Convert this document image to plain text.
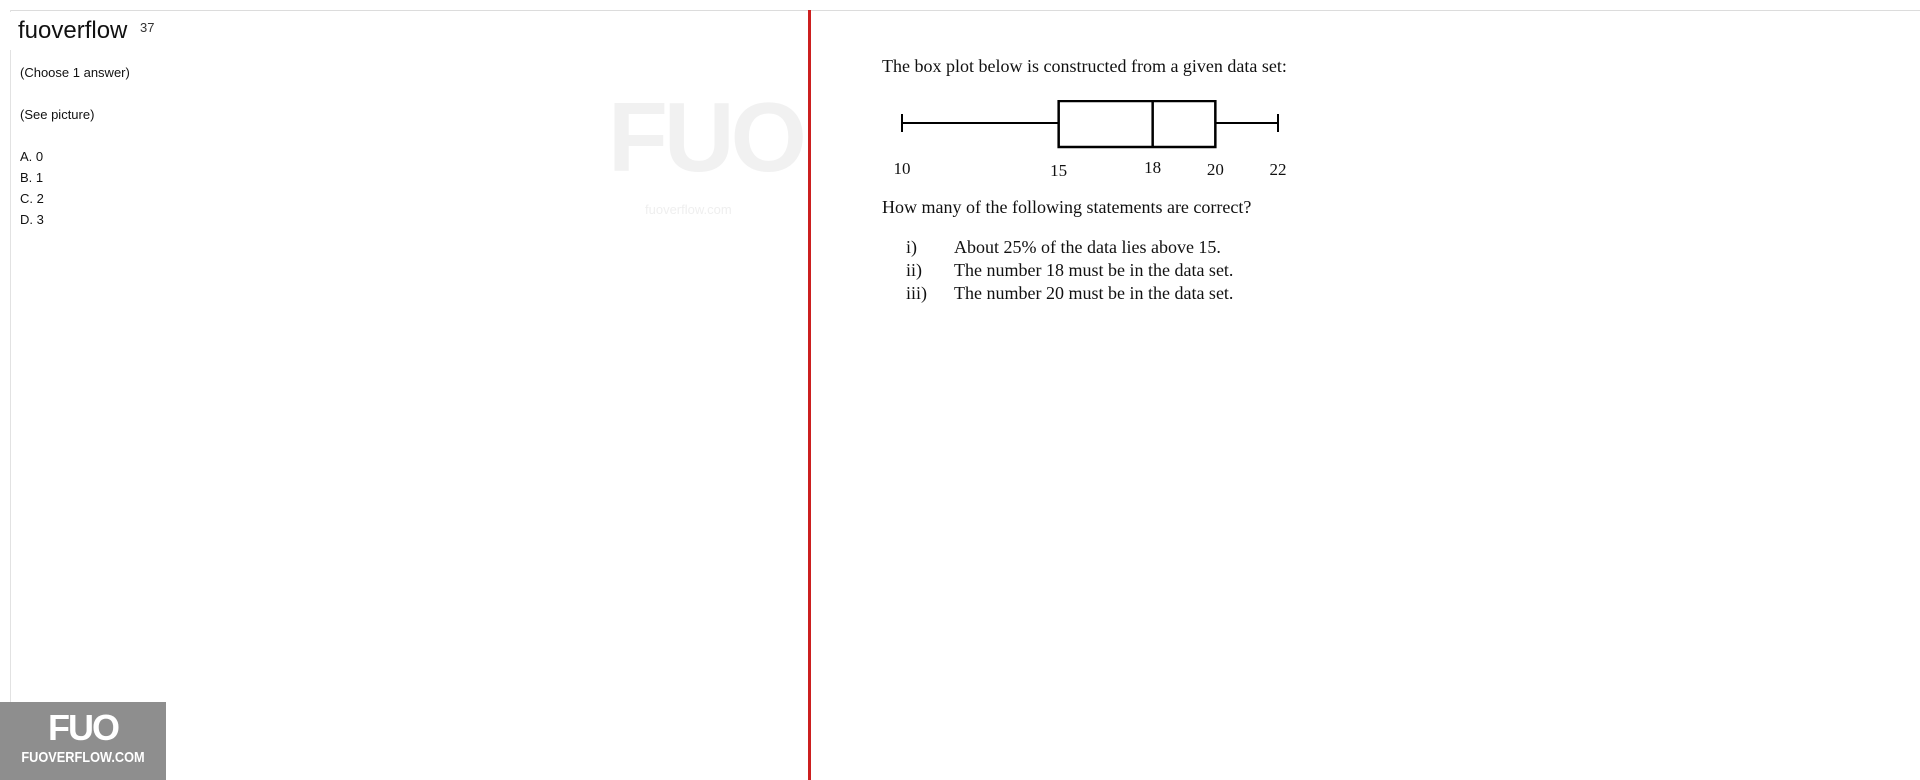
fuoverflow 37

(Choose 1 answer)

(See picture)

A. 0
B. 1
C. 2
D. 3
FUO
fuoverflow.com
The box plot below is constructed from a given data set:
10	15	18	20	22
How many of the following statements are correct?
i) About 25% of the data lies above 15.
ii) The number 18 must be in the data set.
iii) The number 20 must be in the data set.
FUO
FUOVERFLOW.COM
